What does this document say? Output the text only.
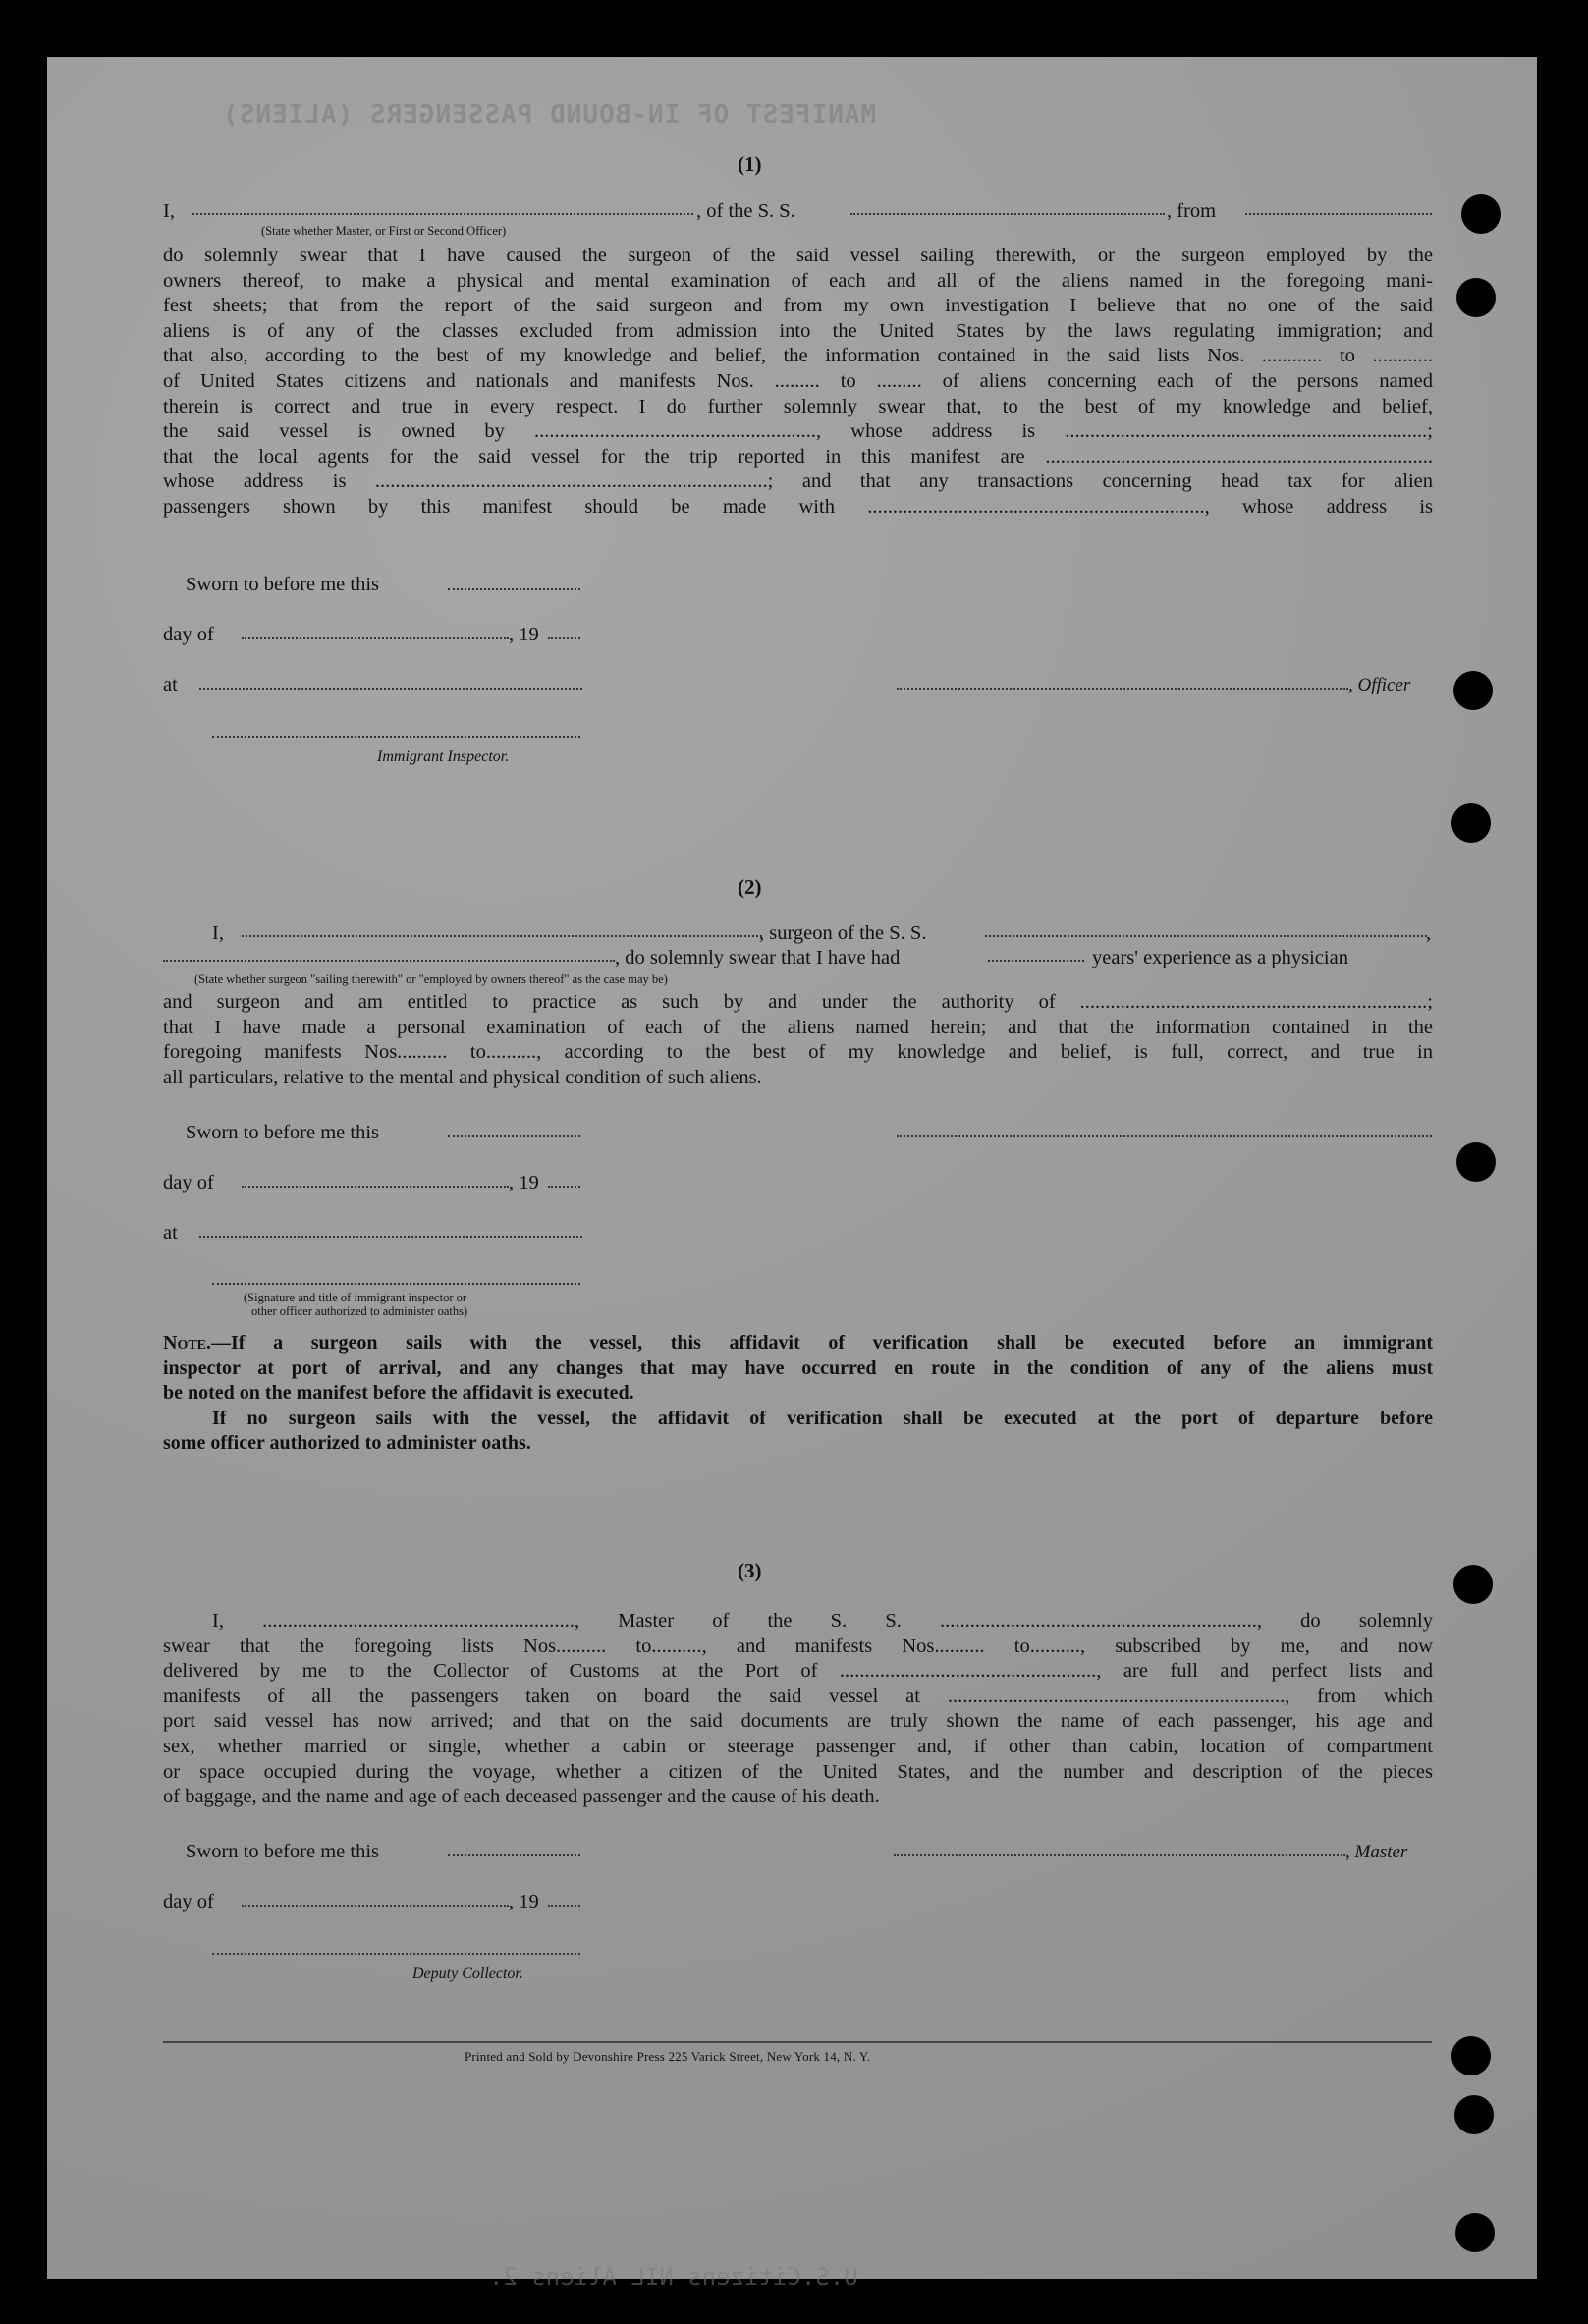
MANIFEST OF IN-BOUND PASSENGERS (ALIENS)
U.S.Citizens NIL Aliens 2.
(1)
I,	, of the S. S.	, from
(State whether Master, or First or Second Officer)
do solemnly swear that I have caused the surgeon of the said vessel sailing therewith, or the surgeon employed by the
owners thereof, to make a physical and mental examination of each and all of the aliens named in the foregoing mani-
fest sheets; that from the report of the said surgeon and from my own investigation I believe that no one of the said
aliens is of any of the classes excluded from admission into the United States by the laws regulating immigration; and
that also, according to the best of my knowledge and belief, the information contained in the said lists Nos. ............ to ............
of United States citizens and nationals and manifests Nos. ......... to ......... of aliens concerning each of the persons named
therein is correct and true in every respect. I do further solemnly swear that, to the best of my knowledge and belief,
the said vessel is owned by ........................................................, whose address is ........................................................................;
that the local agents for the said vessel for the trip reported in this manifest are .............................................................................
whose address is ..............................................................................; and that any transactions concerning head tax for alien
passengers shown by this manifest should be made with ..................................................................., whose address is
Sworn to before me this
day of	, 19
at	, Officer
Immigrant Inspector.
(2)
I,	, surgeon of the S. S.	,
, do solemnly swear that I have had	years' experience as a physician
(State whether surgeon "sailing therewith" or "employed by owners thereof" as the case may be)
and surgeon and am entitled to practice as such by and under the authority of .....................................................................;
that I have made a personal examination of each of the aliens named herein; and that the information contained in the
foregoing manifests Nos.......... to.........., according to the best of my knowledge and belief, is full, correct, and true in
all particulars, relative to the mental and physical condition of such aliens.
Sworn to before me this
day of	, 19
at
(Signature and title of immigrant inspector or
other officer authorized to administer oaths)
Note.—If a surgeon sails with the vessel, this affidavit of verification shall be executed before an immigrant
inspector at port of arrival, and any changes that may have occurred en route in the condition of any of the aliens must
be noted on the manifest before the affidavit is executed.
If no surgeon sails with the vessel, the affidavit of verification shall be executed at the port of departure before
some officer authorized to administer oaths.
(3)
I, .............................................................., Master of the S. S. ..............................................................., do solemnly
swear that the foregoing lists Nos.......... to.........., and manifests Nos.......... to.........., subscribed by me, and now
delivered by me to the Collector of Customs at the Port of ..................................................., are full and perfect lists and
manifests of all the passengers taken on board the said vessel at ..................................................................., from which
port said vessel has now arrived; and that on the said documents are truly shown the name of each passenger, his age and
sex, whether married or single, whether a cabin or steerage passenger and, if other than cabin, location of compartment
or space occupied during the voyage, whether a citizen of the United States, and the number and description of the pieces
of baggage, and the name and age of each deceased passenger and the cause of his death.
Sworn to before me this	, Master
day of	, 19
Deputy Collector.
Printed and Sold by Devonshire Press 225 Varick Street, New York 14, N. Y.
